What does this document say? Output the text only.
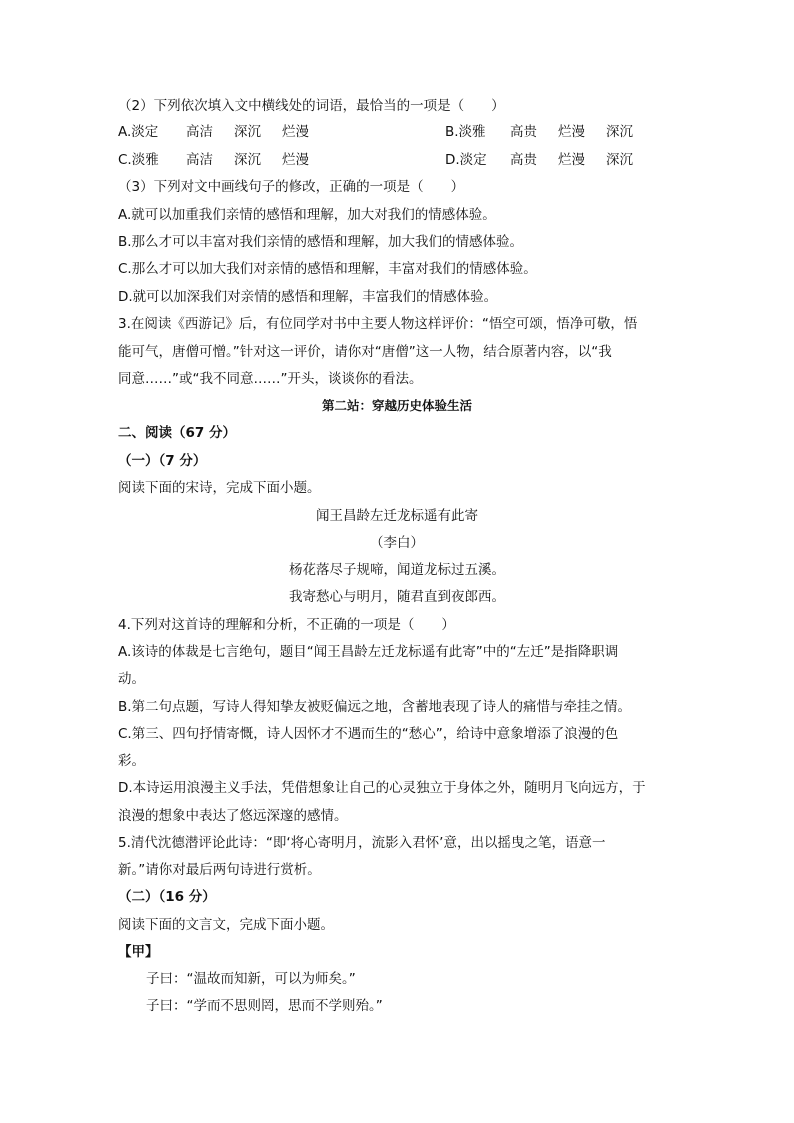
（2）下列依次填入文中横线处的词语，最恰当的一项是（　　）
A.淡定 高洁 深沉 烂漫	B.淡雅 高贵 烂漫 深沉
C.淡雅 高洁 深沉 烂漫	D.淡定 高贵 烂漫 深沉
（3）下列对文中画线句子的修改，正确的一项是（　　）
A.就可以加重我们亲情的感悟和理解，加大对我们的情感体验。
B.那么才可以丰富对我们亲情的感悟和理解，加大我们的情感体验。
C.那么才可以加大我们对亲情的感悟和理解，丰富对我们的情感体验。
D.就可以加深我们对亲情的感悟和理解，丰富我们的情感体验。
3.在阅读《西游记》后，有位同学对书中主要人物这样评价：“悟空可颂，悟净可敬，悟
能可气，唐僧可憎。”针对这一评价，请你对“唐僧”这一人物，结合原著内容，以“我
同意……”或“我不同意……”开头，谈谈你的看法。
第二站：穿越历史体验生活
二、阅读（67 分）
（一）（7 分）
阅读下面的宋诗，完成下面小题。
闻王昌龄左迁龙标遥有此寄
（李白）
杨花落尽子规啼，闻道龙标过五溪。
我寄愁心与明月，随君直到夜郎西。
4.下列对这首诗的理解和分析，不正确的一项是（　　）
A.该诗的体裁是七言绝句，题目“闻王昌龄左迁龙标遥有此寄”中的“左迁”是指降职调
动。
B.第二句点题，写诗人得知挚友被贬偏远之地，含蓄地表现了诗人的痛惜与牵挂之情。
C.第三、四句抒情寄慨，诗人因怀才不遇而生的“愁心”，给诗中意象增添了浪漫的色
彩。
D.本诗运用浪漫主义手法，凭借想象让自己的心灵独立于身体之外，随明月飞向远方，于
浪漫的想象中表达了悠远深邃的感情。
5.清代沈德潜评论此诗：“即‘将心寄明月，流影入君怀’意，出以摇曳之笔，语意一
新。”请你对最后两句诗进行赏析。
（二）（16 分）
阅读下面的文言文，完成下面小题。
【甲】
子曰：“温故而知新，可以为师矣。”
子曰：“学而不思则罔，思而不学则殆。”
